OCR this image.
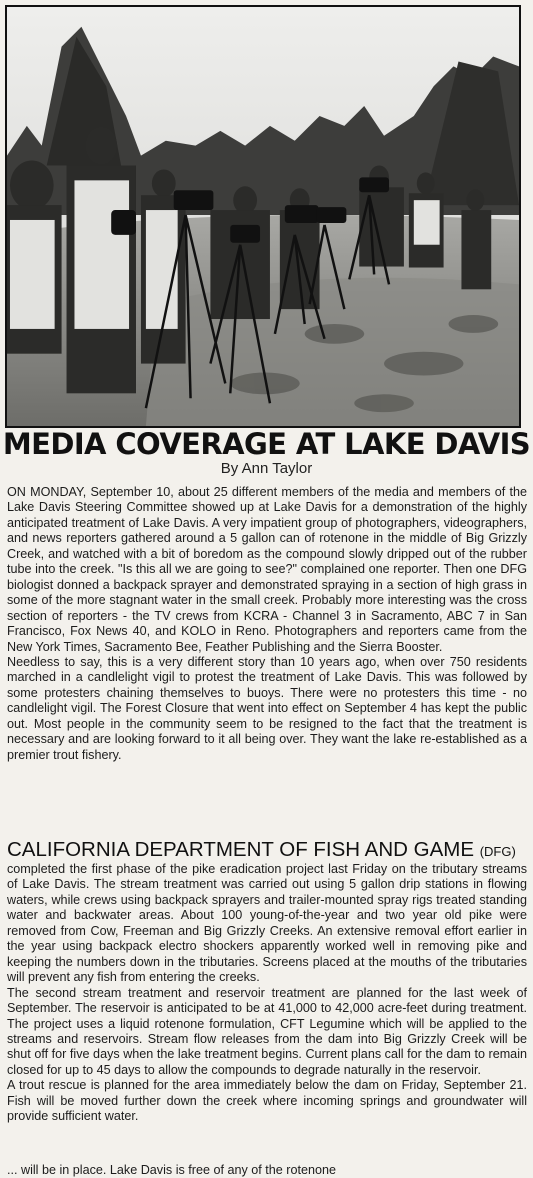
MEDIA COVERAGE AT LAKE DAVIS
By Ann Taylor

ON MONDAY, September 10, about 25 different members of the media and members of the Lake Davis Steering Committee showed up at Lake Davis for a demonstration of the highly anticipated treatment of Lake Davis. A very impatient group of photographers, videographers, and news reporters gathered around a 5 gallon can of rotenone in the middle of Big Grizzly Creek, and watched with a bit of boredom as the compound slowly dripped out of the rubber tube into the creek. "Is this all we are going to see?" complained one reporter. Then one DFG biologist donned a backpack sprayer and demonstrated spraying in a section of high grass in some of the more stagnant water in the small creek. Probably more interesting was the cross section of reporters - the TV crews from KCRA - Channel 3 in Sacramento, ABC 7 in San Francisco, Fox News 40, and KOLO in Reno. Photographers and reporters came from the New York Times, Sacramento Bee, Feather Publishing and the Sierra Booster.

Needless to say, this is a very different story than 10 years ago, when over 750 residents marched in a candlelight vigil to protest the treatment of Lake Davis. This was followed by some protesters chaining themselves to buoys. There were no protesters this time - no candlelight vigil. The Forest Closure that went into effect on September 4 has kept the public out. Most people in the community seem to be resigned to the fact that the treatment is necessary and are looking forward to it all being over. They want the lake re-established as a premier trout fishery.

CALIFORNIA DEPARTMENT OF FISH AND GAME (DFG)

completed the first phase of the pike eradication project last Friday on the tributary streams of Lake Davis. The stream treatment was carried out using 5 gallon drip stations in flowing waters, while crews using backpack sprayers and trailer-mounted spray rigs treated standing water and backwater areas. About 100 young-of-the-year and two year old pike were removed from Cow, Freeman and Big Grizzly Creeks. An extensive removal effort earlier in the year using backpack electro shockers apparently worked well in removing pike and keeping the numbers down in the tributaries. Screens placed at the mouths of the tributaries will prevent any fish from entering the creeks.

The second stream treatment and reservoir treatment are planned for the last week of September. The reservoir is anticipated to be at 41,000 to 42,000 acre-feet during treatment. The project uses a liquid rotenone formulation, CFT Legumine which will be applied to the streams and reservoirs. Stream flow releases from the dam into Big Grizzly Creek will be shut off for five days when the lake treatment begins. Current plans call for the dam to remain closed for up to 45 days to allow the compounds to degrade naturally in the reservoir.

A trout rescue is planned for the area immediately below the dam on Friday, September 21. Fish will be moved further down the creek where incoming springs and groundwater will provide sufficient water.

... will be in place. Lake Davis is free of any of the rotenone
